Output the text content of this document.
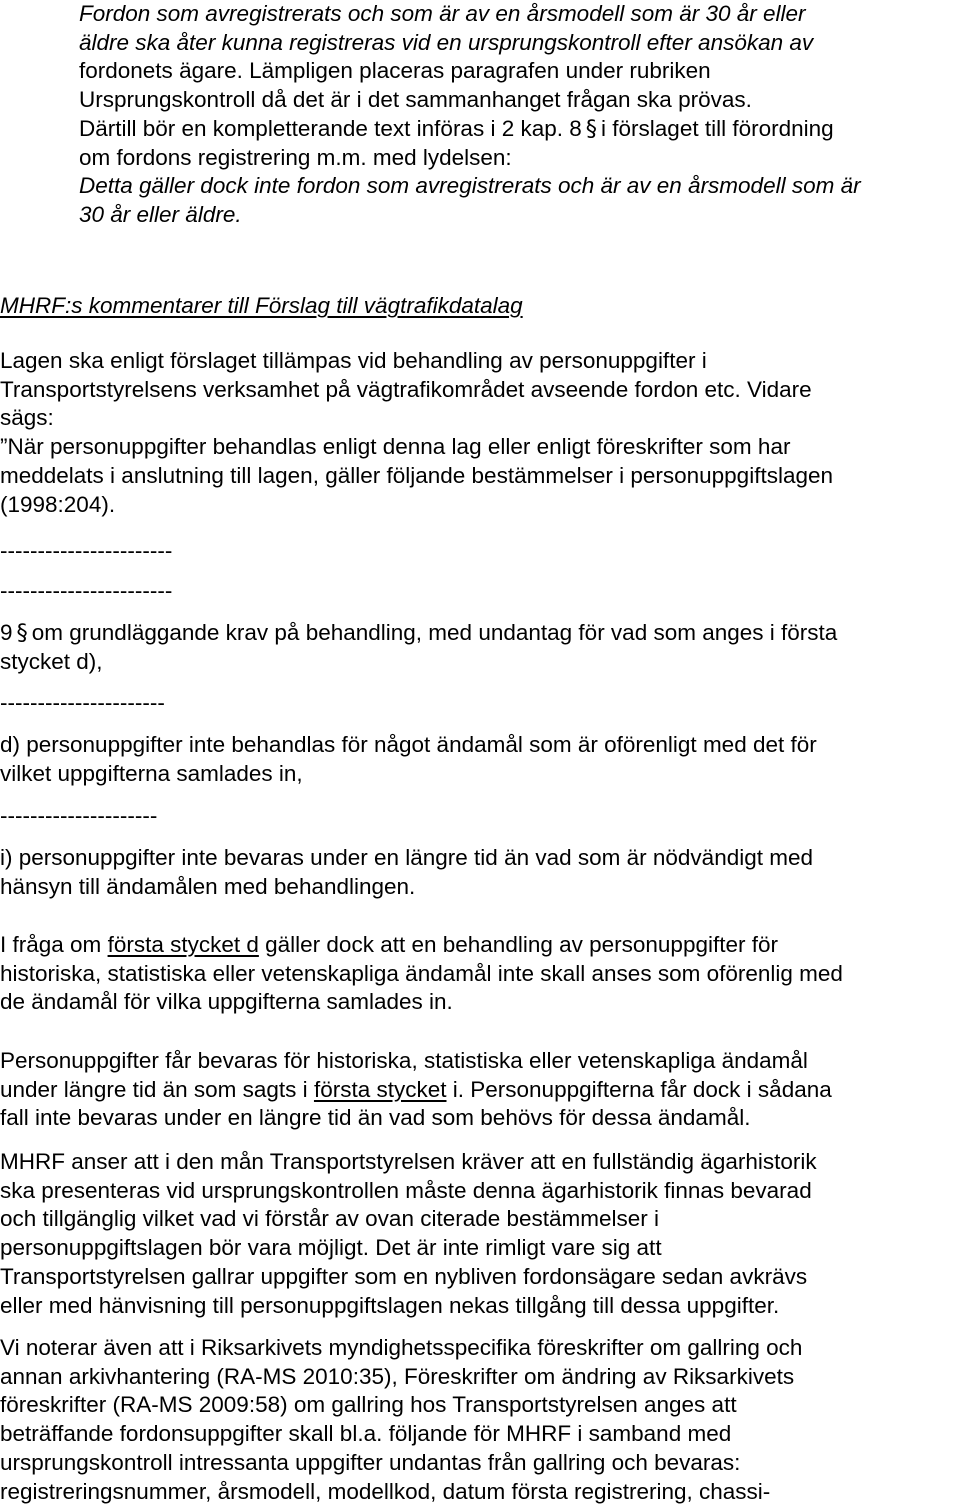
Fordon som avregistrerats och som är av en årsmodell som är 30 år eller
äldre ska åter kunna registreras vid en ursprungskontroll efter ansökan av
fordonets ägare. Lämpligen placeras paragrafen under rubriken
Ursprungskontroll då det är i det sammanhanget frågan ska prövas.
Därtill bör en kompletterande text införas i 2 kap. 8 § i förslaget till förordning
om fordons registrering m.m. med lydelsen:
Detta gäller dock inte fordon som avregistrerats och är av en årsmodell som är
30 år eller äldre.
MHRF:s kommentarer till Förslag till vägtrafikdatalag
Lagen ska enligt förslaget tillämpas vid behandling av personuppgifter i
Transportstyrelsens verksamhet på vägtrafikområdet avseende fordon etc. Vidare
sägs:
”När personuppgifter behandlas enligt denna lag eller enligt föreskrifter som har
meddelats i anslutning till lagen, gäller följande bestämmelser i personuppgiftslagen
(1998:204).
-----------------------
-----------------------
9 § om grundläggande krav på behandling, med undantag för vad som anges i första
stycket d),
----------------------
d) personuppgifter inte behandlas för något ändamål som är oförenligt med det för
vilket uppgifterna samlades in,
---------------------
i) personuppgifter inte bevaras under en längre tid än vad som är nödvändigt med
hänsyn till ändamålen med behandlingen.
I fråga om första stycket d gäller dock att en behandling av personuppgifter för
historiska, statistiska eller vetenskapliga ändamål inte skall anses som oförenlig med
de ändamål för vilka uppgifterna samlades in.
Personuppgifter får bevaras för historiska, statistiska eller vetenskapliga ändamål
under längre tid än som sagts i första stycket i. Personuppgifterna får dock i sådana
fall inte bevaras under en längre tid än vad som behövs för dessa ändamål.
MHRF anser att i den mån Transportstyrelsen kräver att en fullständig ägarhistorik
ska presenteras vid ursprungskontrollen måste denna ägarhistorik finnas bevarad
och tillgänglig vilket vad vi förstår av ovan citerade bestämmelser i
personuppgiftslagen bör vara möjligt. Det är inte rimligt vare sig att
Transportstyrelsen gallrar uppgifter som en nybliven fordonsägare sedan avkrävs
eller med hänvisning till personuppgiftslagen nekas tillgång till dessa uppgifter.
Vi noterar även att i Riksarkivets myndighetsspecifika föreskrifter om gallring och
annan arkivhantering (RA-MS 2010:35), Föreskrifter om ändring av Riksarkivets
föreskrifter (RA-MS 2009:58) om gallring hos Transportstyrelsen anges att
beträffande fordonsuppgifter skall bl.a. följande för MHRF i samband med
ursprungskontroll intressanta uppgifter undantas från gallring och bevaras:
registreringsnummer, årsmodell, modellkod, datum första registrering, chassi-
